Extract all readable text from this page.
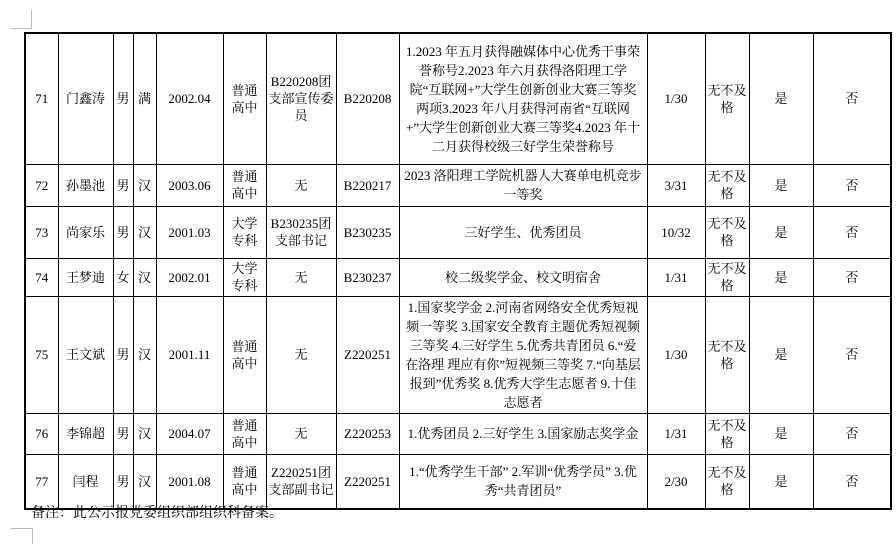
71	门鑫涛	男	满	2002.04	普通高中	B220208团支部宣传委员	B220208	1.2023 年五月获得融媒体中心优秀干事荣誉称号2.2023 年六月获得洛阳理工学院“互联网+”大学生创新创业大赛三等奖两项3.2023 年八月获得河南省“互联网+”大学生创新创业大赛三等奖4.2023 年十二月获得校级三好学生荣誉称号	1/30	无不及格	是	否
72	孙墨池	男	汉	2003.06	普通高中	无	B220217	2023 洛阳理工学院机器人大赛单电机竞步一等奖	3/31	无不及格	是	否
73	尚家乐	男	汉	2001.03	大学专科	B230235团支部书记	B230235	三好学生、优秀团员	10/32	无不及格	是	否
74	王梦迪	女	汉	2002.01	大学专科	无	B230237	校二级奖学金、校文明宿舍	1/31	无不及格	是	否
75	王文斌	男	汉	2001.11	普通高中	无	Z220251	1.国家奖学金 2.河南省网络安全优秀短视频一等奖 3.国家安全教育主题优秀短视频三等奖 4.三好学生 5.优秀共青团员 6.“爱在洛理 理应有你”短视频三等奖 7.“向基层报到”优秀奖 8.优秀大学生志愿者 9.十佳志愿者	1/30	无不及格	是	否
76	李锦超	男	汉	2004.07	普通高中	无	Z220253	1.优秀团员 2.三好学生 3.国家励志奖学金	1/31	无不及格	是	否
77	闫程	男	汉	2001.08	普通高中	Z220251团支部副书记	Z220251	1.“优秀学生干部” 2.军训“优秀学员” 3.优秀“共青团员”	2/30	无不及格	是	否
备注：此公示报党委组织部组织科备案。
